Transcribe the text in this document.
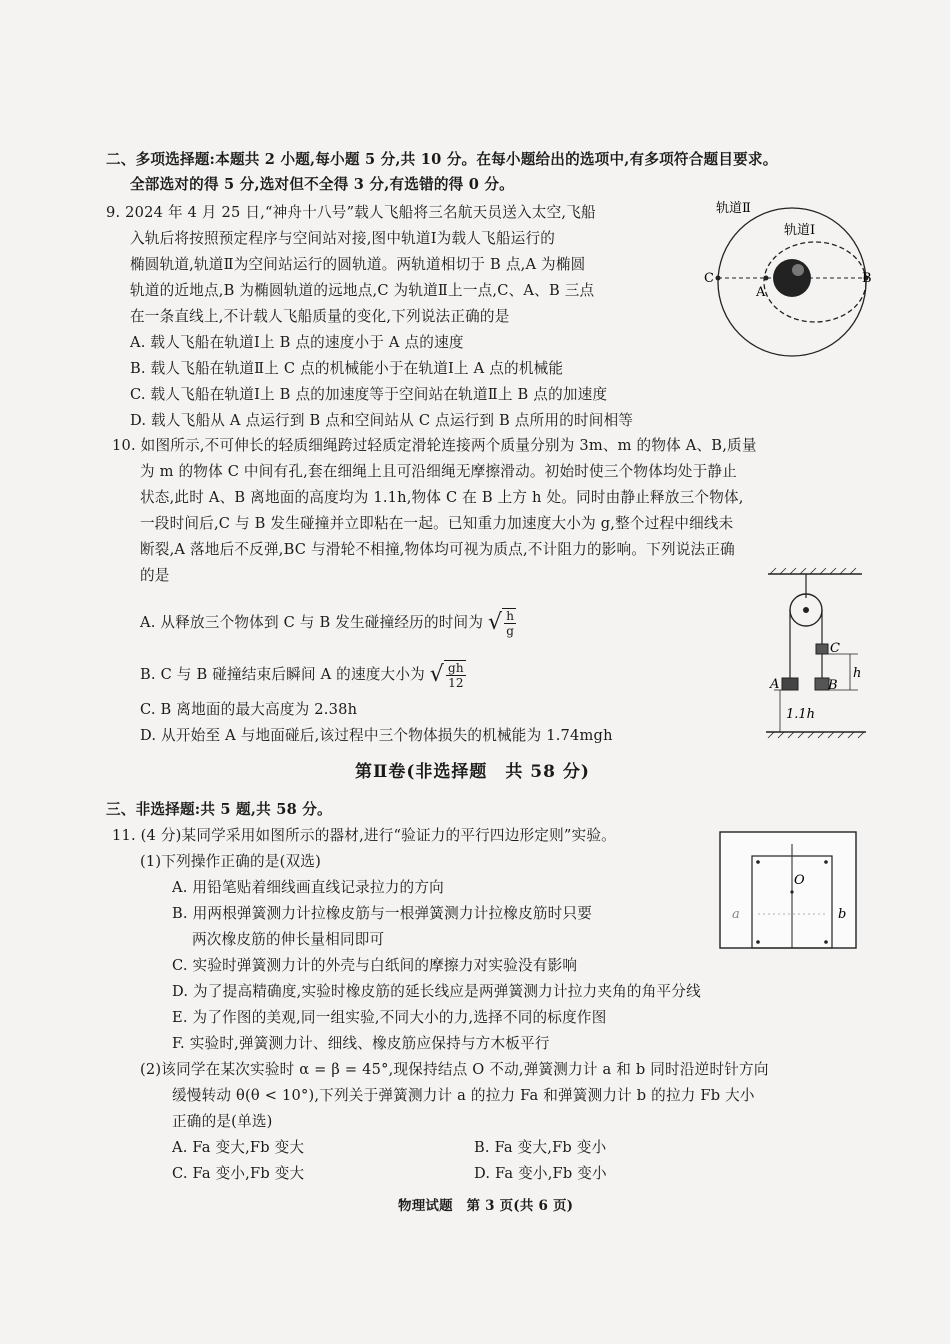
二、多项选择题:本题共 2 小题,每小题 5 分,共 10 分。在每小题给出的选项中,有多项符合题目要求。
全部选对的得 5 分,选对但不全得 3 分,有选错的得 0 分。
9. 2024 年 4 月 25 日,“神舟十八号”载人飞船将三名航天员送入太空,飞船
入轨后将按照预定程序与空间站对接,图中轨道Ⅰ为载人飞船运行的
椭圆轨道,轨道Ⅱ为空间站运行的圆轨道。两轨道相切于 B 点,A 为椭圆
轨道的近地点,B 为椭圆轨道的远地点,C 为轨道Ⅱ上一点,C、A、B 三点
在一条直线上,不计载人飞船质量的变化,下列说法正确的是
A. 载人飞船在轨道Ⅰ上 B 点的速度小于 A 点的速度
B. 载人飞船在轨道Ⅱ上 C 点的机械能小于在轨道Ⅰ上 A 点的机械能
C. 载人飞船在轨道Ⅰ上 B 点的加速度等于空间站在轨道Ⅱ上 B 点的加速度
D. 载人飞船从 A 点运行到 B 点和空间站从 C 点运行到 B 点所用的时间相等
轨道Ⅱ
轨道Ⅰ
C
A
B
10. 如图所示,不可伸长的轻质细绳跨过轻质定滑轮连接两个质量分别为 3m、m 的物体 A、B,质量
为 m 的物体 C 中间有孔,套在细绳上且可沿细绳无摩擦滑动。初始时使三个物体均处于静止
状态,此时 A、B 离地面的高度均为 1.1h,物体 C 在 B 上方 h 处。同时由静止释放三个物体,
一段时间后,C 与 B 发生碰撞并立即粘在一起。已知重力加速度大小为 g,整个过程中细线未
断裂,A 落地后不反弹,BC 与滑轮不相撞,物体均可视为质点,不计阻力的影响。下列说法正确
的是
A. 从释放三个物体到 C 与 B 发生碰撞经历的时间为 √ $\frac{h}{g}$
B. C 与 B 碰撞结束后瞬间 A 的速度大小为 √ $\frac{gh}{12}$
C. B 离地面的最大高度为 2.38h
D. 从开始至 A 与地面碰后,该过程中三个物体损失的机械能为 1.74mgh
A	B
C
h
1.1h
第Ⅱ卷(非选择题　共 58 分)
三、非选择题:共 5 题,共 58 分。
11. (4 分)某同学采用如图所示的器材,进行“验证力的平行四边形定则”实验。
(1)下列操作正确的是(双选)
A. 用铅笔贴着细线画直线记录拉力的方向
B. 用两根弹簧测力计拉橡皮筋与一根弹簧测力计拉橡皮筋时只要
两次橡皮筋的伸长量相同即可
C. 实验时弹簧测力计的外壳与白纸间的摩擦力对实验没有影响
D. 为了提高精确度,实验时橡皮筋的延长线应是两弹簧测力计拉力夹角的角平分线
E. 为了作图的美观,同一组实验,不同大小的力,选择不同的标度作图
F. 实验时,弹簧测力计、细线、橡皮筋应保持与方木板平行
(2)该同学在某次实验时 α = β = 45°,现保持结点 O 不动,弹簧测力计 a 和 b 同时沿逆时针方向
缓慢转动 θ(θ < 10°),下列关于弹簧测力计 a 的拉力 Fa 和弹簧测力计 b 的拉力 Fb 大小
正确的是(单选)
A. Fa 变大,Fb 变大	B. Fa 变大,Fb 变小
C. Fa 变小,Fb 变大	D. Fa 变小,Fb 变小
O
a	b
物理试题　第 3 页(共 6 页)
